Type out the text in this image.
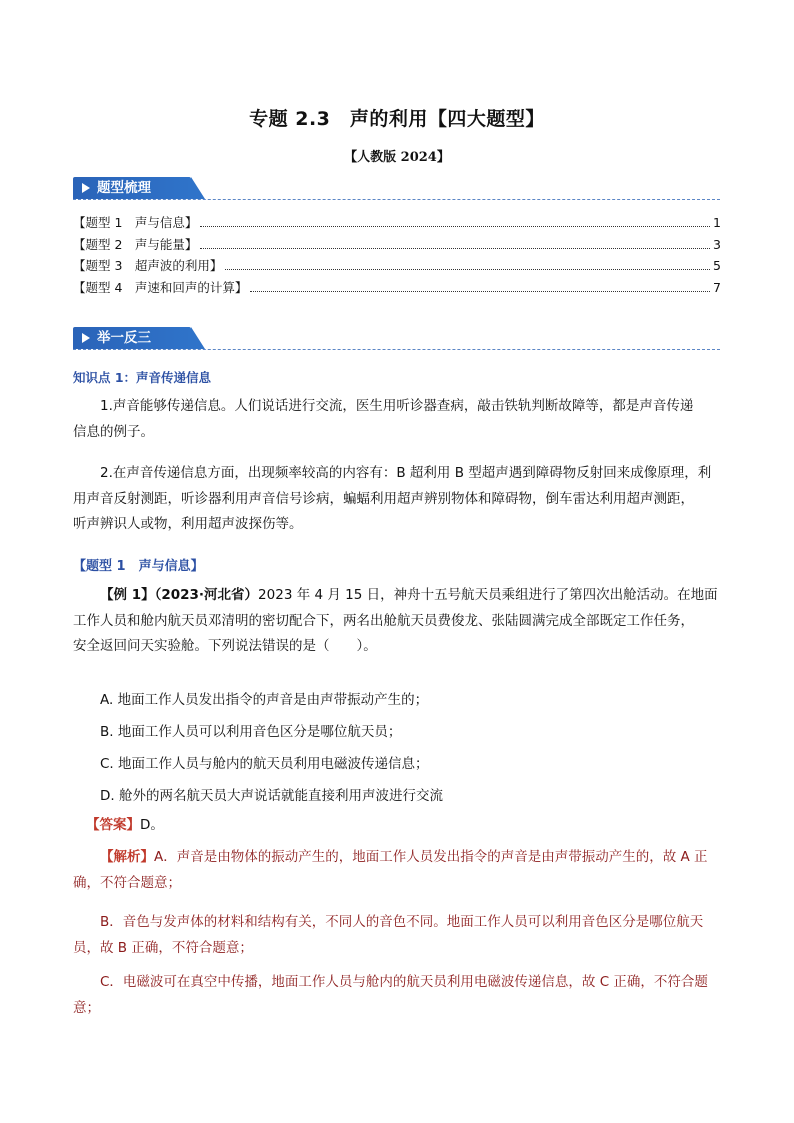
专题 2.3　声的利用【四大题型】
【人教版 2024】
题型梳理
【题型 1　声与信息】	1
【题型 2　声与能量】	3
【题型 3　超声波的利用】	5
【题型 4　声速和回声的计算】	7
举一反三
知识点 1：声音传递信息
1.声音能够传递信息。人们说话进行交流，医生用听诊器查病，敲击铁轨判断故障等，都是声音传递
信息的例子。
2.在声音传递信息方面，出现频率较高的内容有：B 超利用 B 型超声遇到障碍物反射回来成像原理，利
用声音反射测距，听诊器利用声音信号诊病，蝙蝠利用超声辨别物体和障碍物，倒车雷达利用超声测距，
听声辨识人或物，利用超声波探伤等。
【题型 1　声与信息】
【例 1】（2023·河北省）2023 年 4 月 15 日，神舟十五号航天员乘组进行了第四次出舱活动。在地面
工作人员和舱内航天员邓清明的密切配合下，两名出舱航天员费俊龙、张陆圆满完成全部既定工作任务，
安全返回问天实验舱。下列说法错误的是（　　）。
A. 地面工作人员发出指令的声音是由声带振动产生的；
B. 地面工作人员可以利用音色区分是哪位航天员；
C. 地面工作人员与舱内的航天员利用电磁波传递信息；
D. 舱外的两名航天员大声说话就能直接利用声波进行交流
【答案】D。
【解析】A．声音是由物体的振动产生的，地面工作人员发出指令的声音是由声带振动产生的，故 A 正
确，不符合题意；
B．音色与发声体的材料和结构有关，不同人的音色不同。地面工作人员可以利用音色区分是哪位航天
员，故 B 正确，不符合题意；
C．电磁波可在真空中传播，地面工作人员与舱内的航天员利用电磁波传递信息，故 C 正确，不符合题
意；
